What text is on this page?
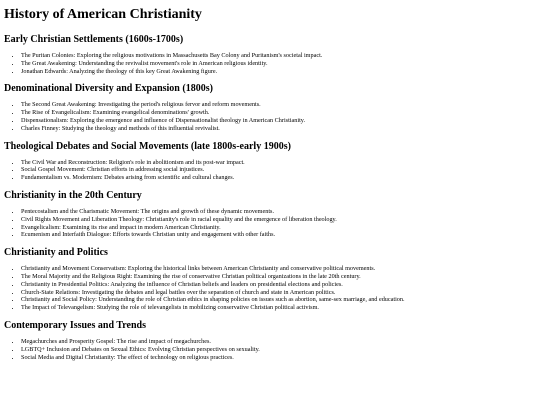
History of American Christianity
Early Christian Settlements (1600s-1700s)
• The Puritan Colonies: Exploring the religious motivations in Massachusetts Bay Colony and Puritanism's societal impact.
• The Great Awakening: Understanding the revivalist movement's role in American religious identity.
• Jonathan Edwards: Analyzing the theology of this key Great Awakening figure.
Denominational Diversity and Expansion (1800s)
• The Second Great Awakening: Investigating the period's religious fervor and reform movements.
• The Rise of Evangelicalism: Examining evangelical denominations' growth.
• Dispensationalism: Exploring the emergence and influence of Dispensationalist theology in American Christianity.
• Charles Finney: Studying the theology and methods of this influential revivalist.
Theological Debates and Social Movements (late 1800s-early 1900s)
• The Civil War and Reconstruction: Religion's role in abolitionism and its post-war impact.
• Social Gospel Movement: Christian efforts in addressing social injustices.
• Fundamentalism vs. Modernism: Debates arising from scientific and cultural changes.
Christianity in the 20th Century
• Pentecostalism and the Charismatic Movement: The origins and growth of these dynamic movements.
• Civil Rights Movement and Liberation Theology: Christianity's role in racial equality and the emergence of liberation theology.
• Evangelicalism: Examining its rise and impact in modern American Christianity.
• Ecumenism and Interfaith Dialogue: Efforts towards Christian unity and engagement with other faiths.
Christianity and Politics
• Christianity and Movement Conservatism: Exploring the historical links between American Christianity and conservative political movements.
• The Moral Majority and the Religious Right: Examining the rise of conservative Christian political organizations in the late 20th century.
• Christianity in Presidential Politics: Analyzing the influence of Christian beliefs and leaders on presidential elections and policies.
• Church-State Relations: Investigating the debates and legal battles over the separation of church and state in American politics.
• Christianity and Social Policy: Understanding the role of Christian ethics in shaping policies on issues such as abortion, same-sex marriage, and education.
• The Impact of Televangelism: Studying the role of televangelists in mobilizing conservative Christian political activism.
Contemporary Issues and Trends
• Megachurches and Prosperity Gospel: The rise and impact of megachurches.
• LGBTQ+ Inclusion and Debates on Sexual Ethics: Evolving Christian perspectives on sexuality.
• Social Media and Digital Christianity: The effect of technology on religious practices.
